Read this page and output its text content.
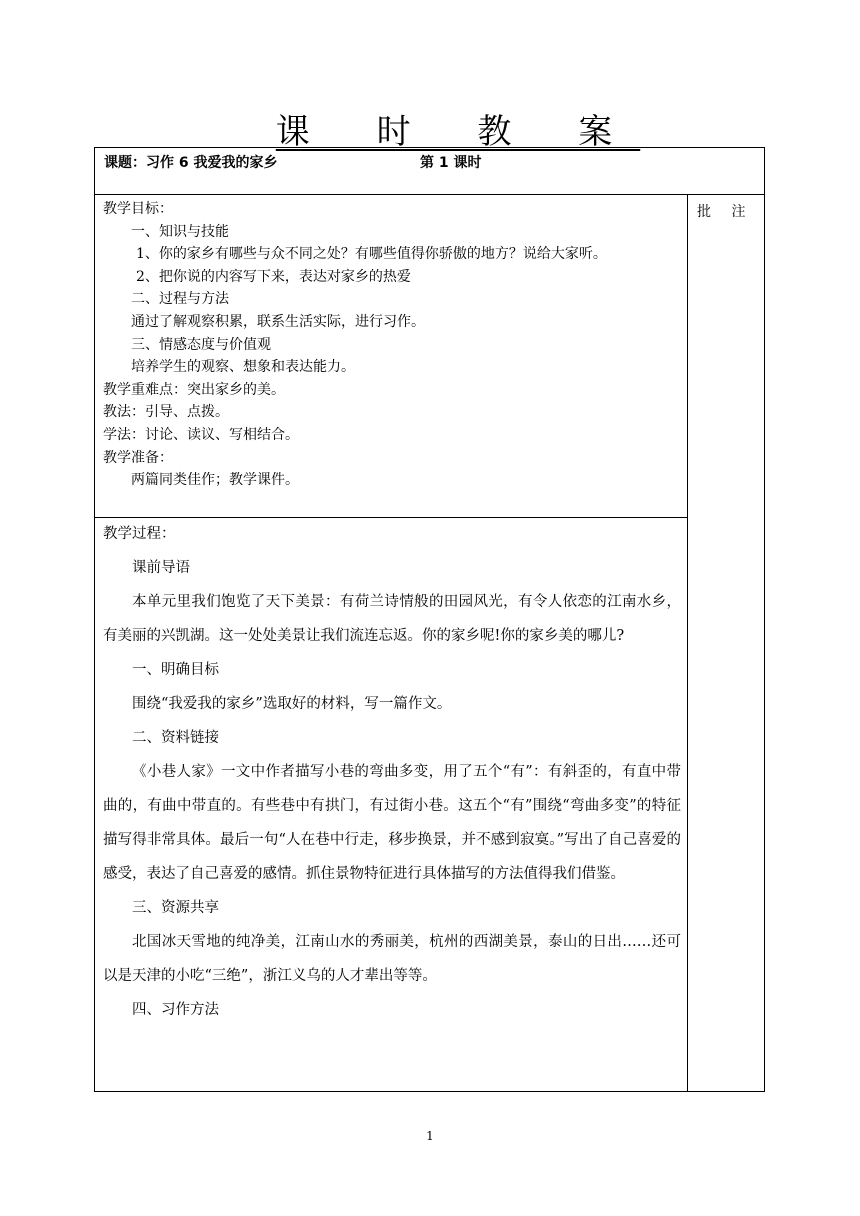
课 时 教 案
课题：习作 6 我爱我的家乡	第 1 课时
批 注
教学目标：
一、知识与技能
1、你的家乡有哪些与众不同之处？有哪些值得你骄傲的地方？说给大家听。
2、把你说的内容写下来，表达对家乡的热爱
二、过程与方法
通过了解观察积累，联系生活实际，进行习作。
三、情感态度与价值观
培养学生的观察、想象和表达能力。
教学重难点：突出家乡的美。
教法：引导、点拨。
学法：讨论、读议、写相结合。
教学准备：
两篇同类佳作；教学课件。
教学过程：
课前导语
本单元里我们饱览了天下美景：有荷兰诗情般的田园风光，有令人依恋的江南水乡，有美丽的兴凯湖。这一处处美景让我们流连忘返。你的家乡呢!你的家乡美的哪儿?
一、明确目标
围绕“我爱我的家乡”选取好的材料，写一篇作文。
二、资料链接
《小巷人家》一文中作者描写小巷的弯曲多变，用了五个“有”：有斜歪的，有直中带曲的，有曲中带直的。有些巷中有拱门，有过街小巷。这五个“有”围绕“弯曲多变”的特征描写得非常具体。最后一句“人在巷中行走，移步换景，并不感到寂寞。”写出了自己喜爱的感受，表达了自己喜爱的感情。抓住景物特征进行具体描写的方法值得我们借鉴。
三、资源共享
北国冰天雪地的纯净美，江南山水的秀丽美，杭州的西湖美景，泰山的日出……还可以是天津的小吃“三绝”，浙江义乌的人才辈出等等。
四、习作方法
1
